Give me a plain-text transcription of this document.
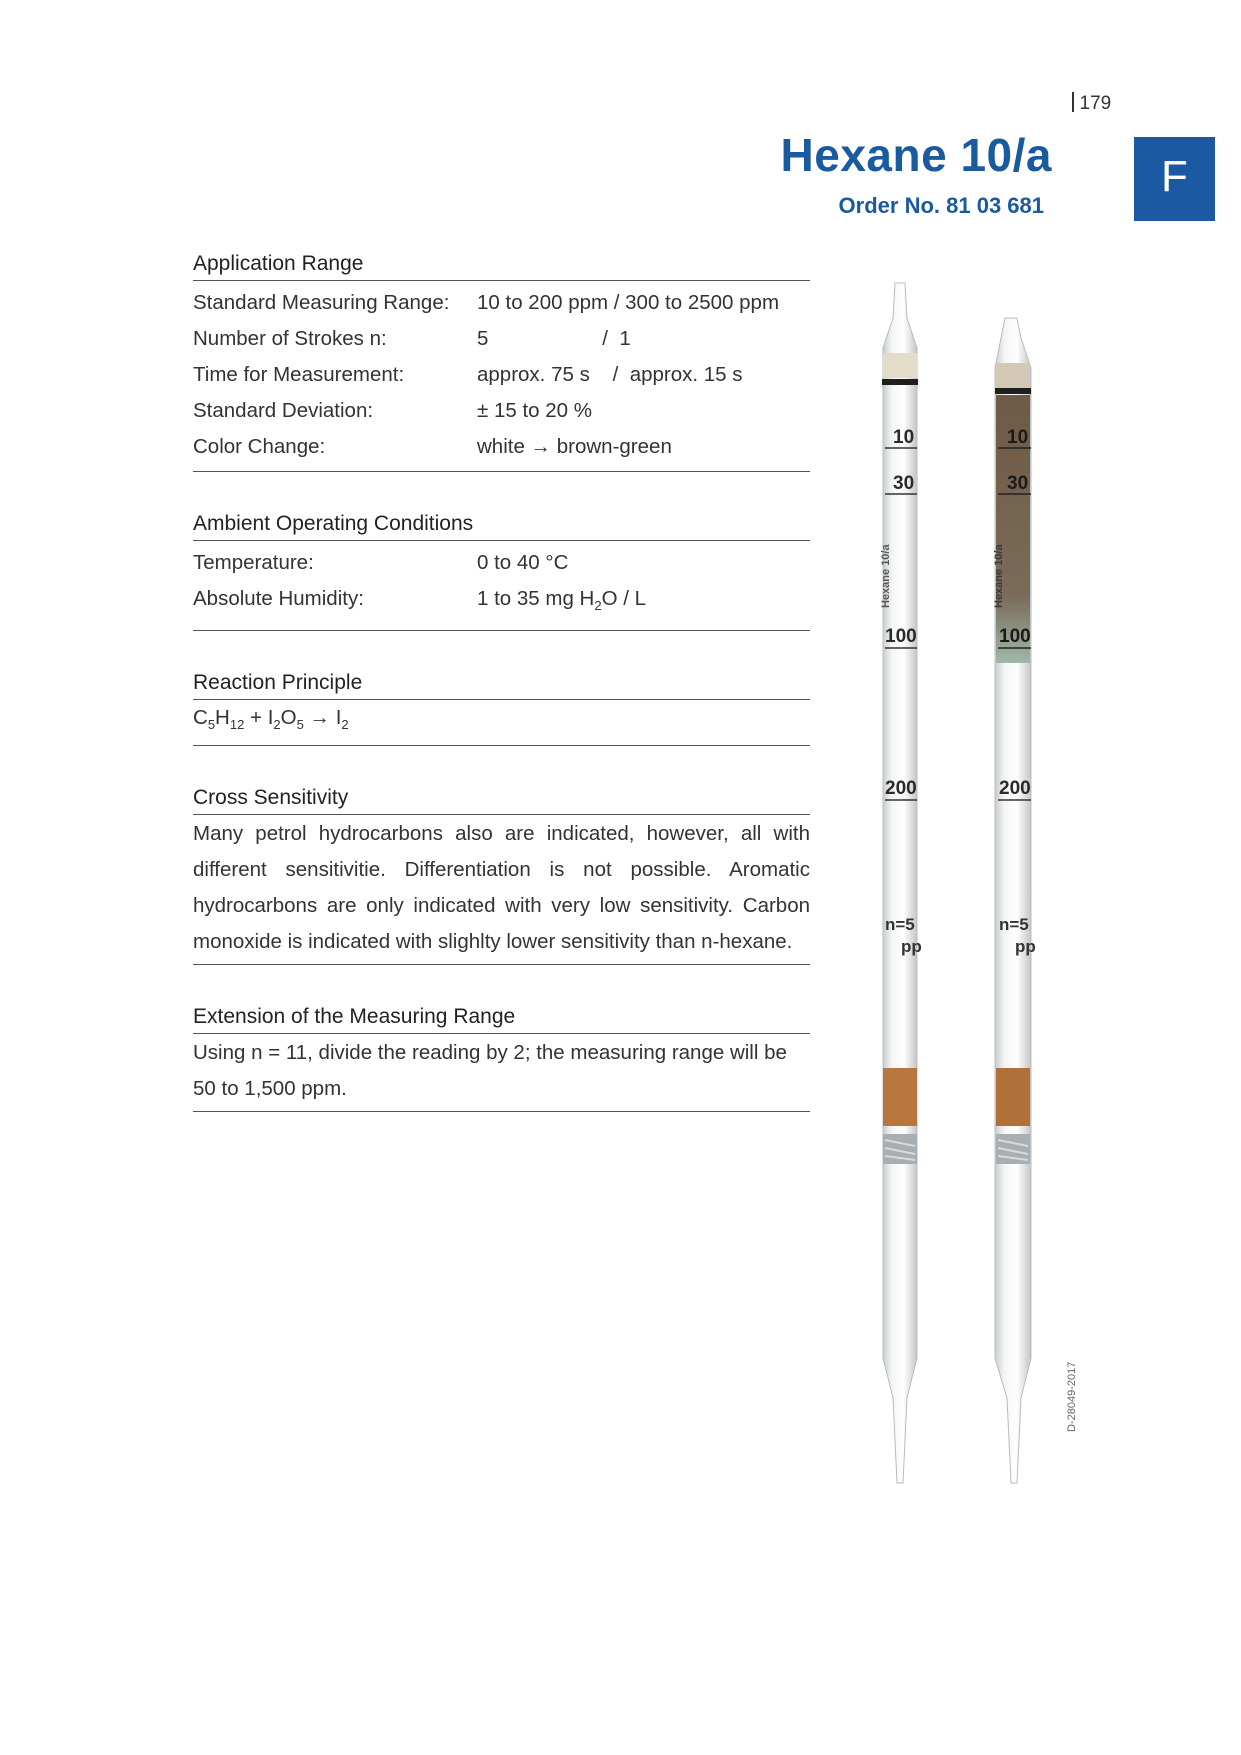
179
Hexane 10/a
Order No. 81 03 681
F
Application Range
Standard Measuring Range:	10 to 200 ppm / 300 to 2500 ppm
Number of Strokes n:	5                    /  1
Time for Measurement:	approx. 75 s    /  approx. 15 s
Standard Deviation:	± 15 to 20 %
Color Change:	white → brown-green
Ambient Operating Conditions
Temperature:	0 to 40 °C
Absolute Humidity:	1 to 35 mg $H_2O$ / L
Reaction Principle
$C_5H_{12} + I_2O_5 \to I_2$
Cross Sensitivity
Many petrol hydrocarbons also are indicated, however, all with different sensitivitie. Differentiation is not possible. Aromatic hydrocarbons are only indicated with very low sensitivity. Carbon monoxide is indicated with slighlty lower sensitivity than n-hexane.
Extension of the Measuring Range
Using n = 11, divide the reading by 2; the measuring range will be 50 to 1,500 ppm.
Hexane 10/a
10
30
100
200
n=5
pp
Hexane 10/a
10
30
100
200
n=5
pp
D-28049-2017
